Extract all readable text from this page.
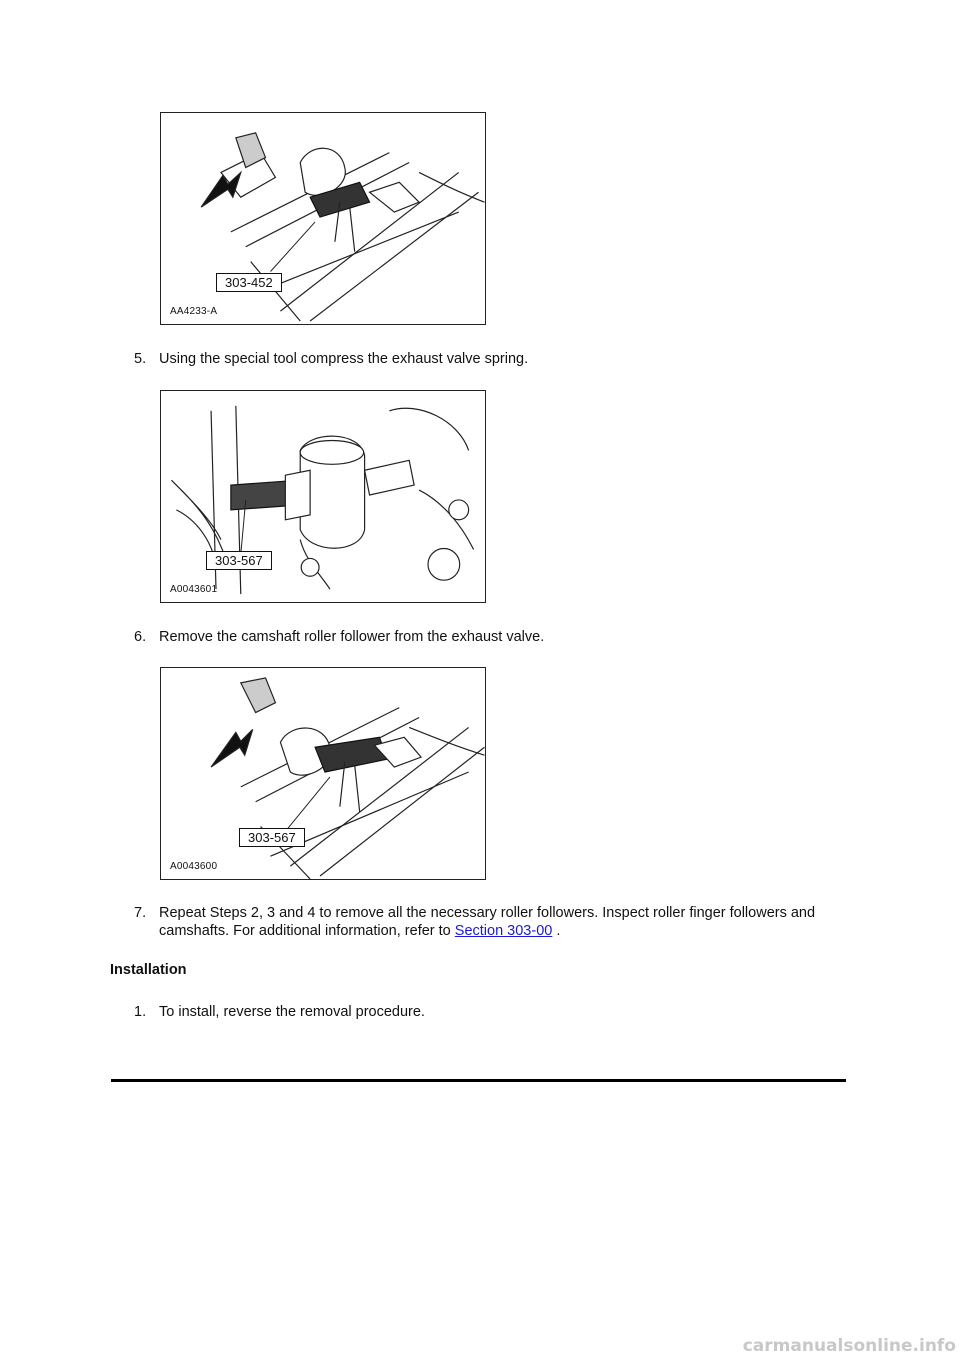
303-452
AA4233-A
5. Using the special tool compress the exhaust valve spring.
303-567
A0043601
6. Remove the camshaft roller follower from the exhaust valve.
303-567
A0043600
7. Repeat Steps 2, 3 and 4 to remove all the necessary roller followers. Inspect roller finger followers and camshafts. For additional information, refer to Section 303-00 .
Installation
1. To install, reverse the removal procedure.
carmanualsonline.info
